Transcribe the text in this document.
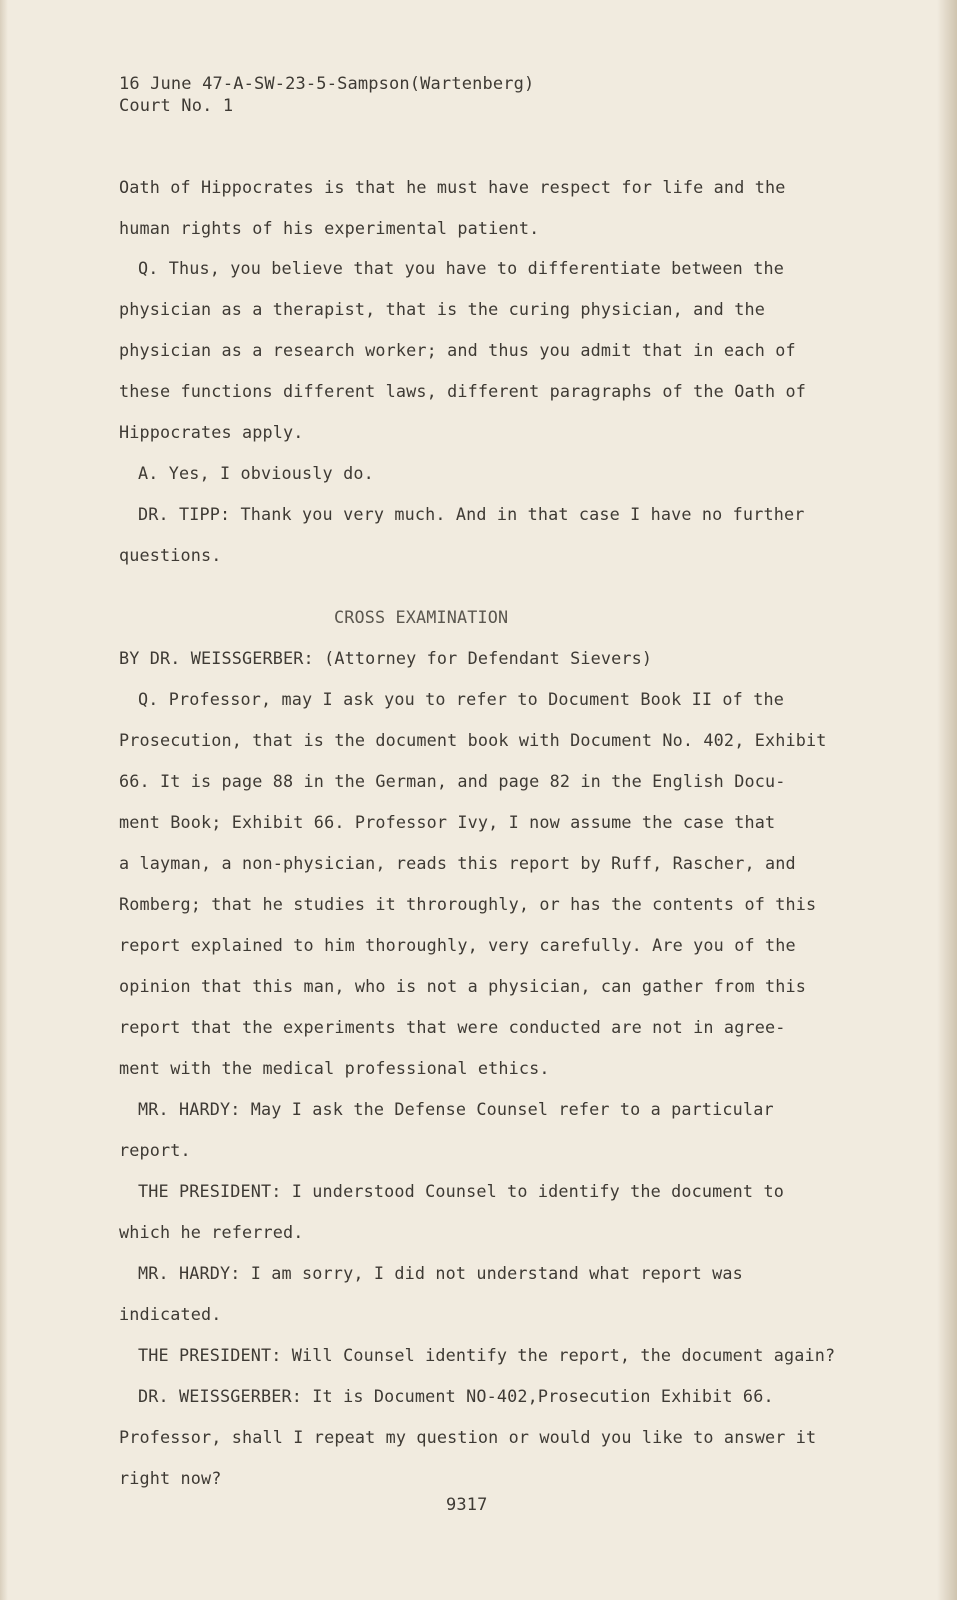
16 June 47-A-SW-23-5-Sampson(Wartenberg)
Court No. 1
Oath of Hippocrates is that he must have respect for life and the
human rights of his experimental patient.
Q. Thus, you believe that you have to differentiate between the
physician as a therapist, that is the curing physician, and the
physician as a research worker; and thus you admit that in each of
these functions different laws, different paragraphs of the Oath of
Hippocrates apply.
A. Yes, I obviously do.
DR. TIPP: Thank you very much. And in that case I have no further
questions.
CROSS EXAMINATION
BY DR. WEISSGERBER: (Attorney for Defendant Sievers)
Q. Professor, may I ask you to refer to Document Book II of the
Prosecution, that is the document book with Document No. 402, Exhibit
66. It is page 88 in the German, and page 82 in the English Docu-
ment Book; Exhibit 66. Professor Ivy, I now assume the case that
a layman, a non-physician, reads this report by Ruff, Rascher, and
Romberg; that he studies it throroughly, or has the contents of this
report explained to him thoroughly, very carefully. Are you of the
opinion that this man, who is not a physician, can gather from this
report that the experiments that were conducted are not in agree-
ment with the medical professional ethics.
MR. HARDY: May I ask the Defense Counsel refer to a particular
report.
THE PRESIDENT: I understood Counsel to identify the document to
which he referred.
MR. HARDY: I am sorry, I did not understand what report was
indicated.
THE PRESIDENT: Will Counsel identify the report, the document again?
DR. WEISSGERBER: It is Document NO-402,Prosecution Exhibit 66.
Professor, shall I repeat my question or would you like to answer it
right now?
9317
